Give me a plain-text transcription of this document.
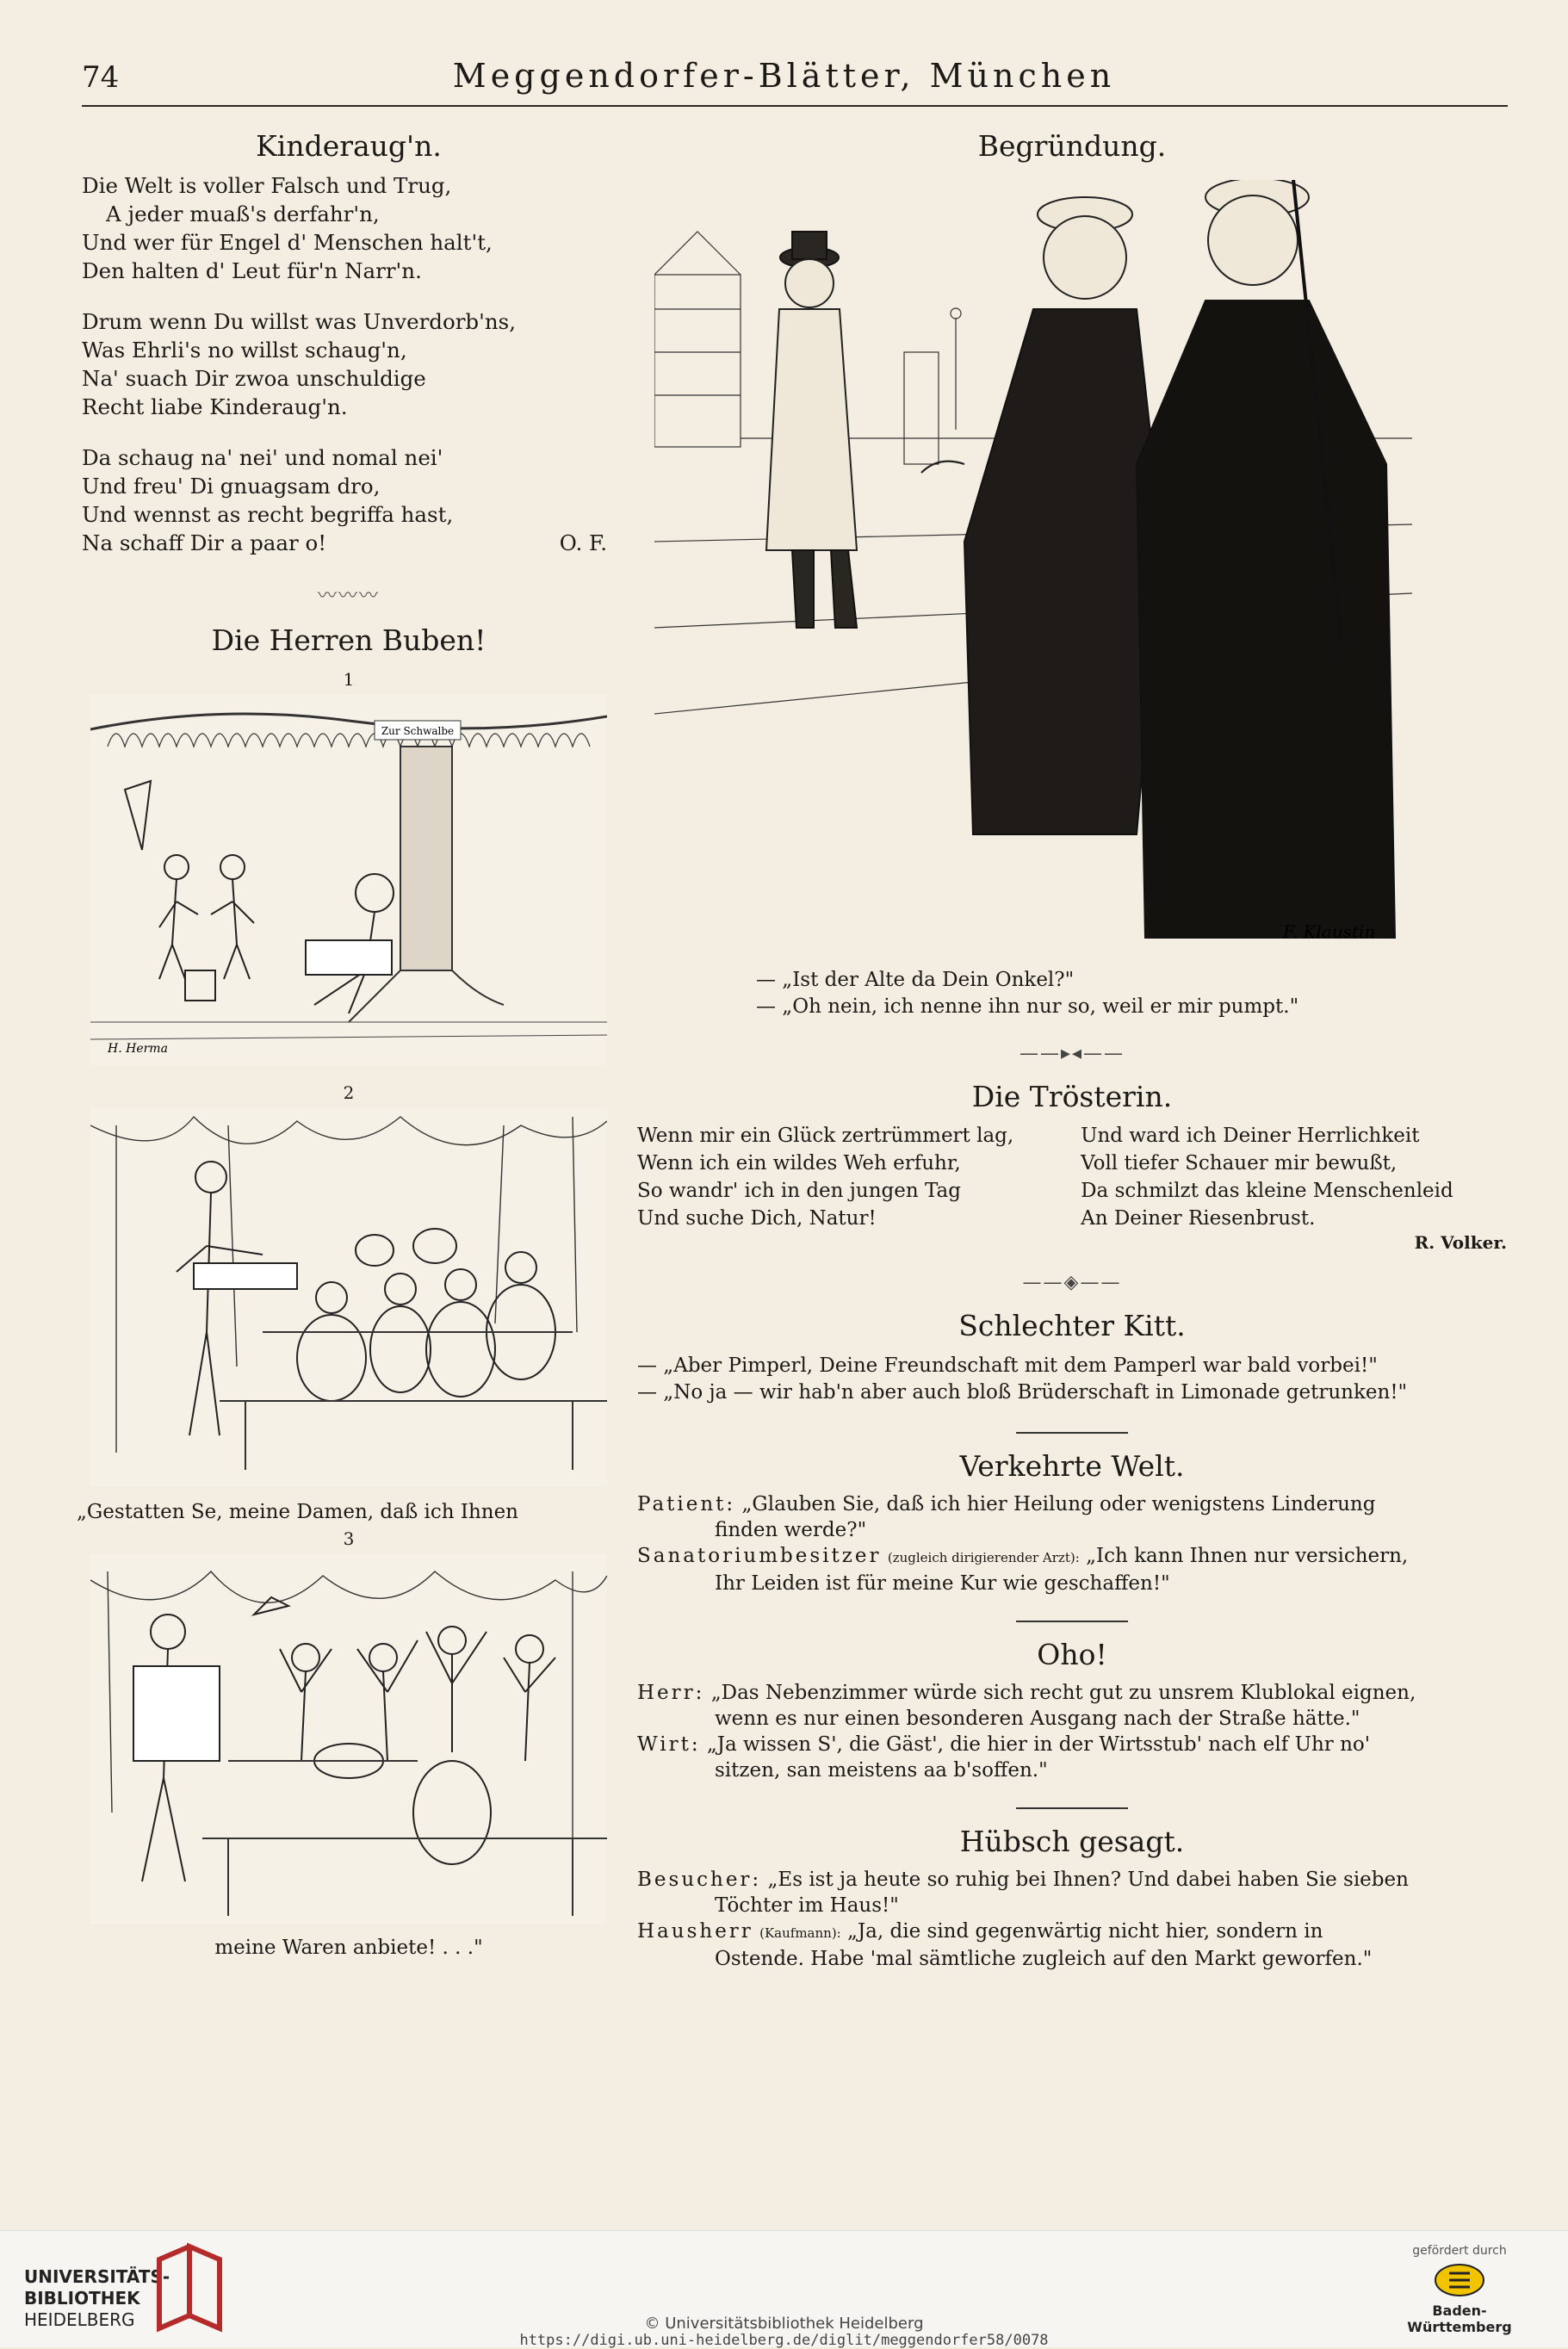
74	Meggendorfer-Blätter, München
Kinderaug'n.
Die Welt is voller Falsch und Trug,
A jeder muaß's derfahr'n,
Und wer für Engel d' Menschen halt't,
Den halten d' Leut für'n Narr'n.
Drum wenn Du willst was Unverdorb'ns,
Was Ehrli's no willst schaug'n,
Na' suach Dir zwoa unschuldige
Recht liabe Kinderaug'n.
Da schaug na' nei' und nomal nei'
Und freu' Di gnuagsam dro,
Und wennst as recht begriffa hast,
Na schaff Dir a paar o!	O. F.
〰〰〰
Die Herren Buben!
1
Zur Schwalbe
H. Herma
2
„Gestatten Se, meine Damen, daß ich Ihnen
3
meine Waren anbiete! . . ."
Begründung.
F. Klaustin
— „Ist der Alte da Dein Onkel?"
— „Oh nein, ich nenne ihn nur so, weil er mir pumpt."
——▸◂——
Die Trösterin.
Wenn mir ein Glück zertrümmert lag,
Wenn ich ein wildes Weh erfuhr,
So wandr' ich in den jungen Tag
Und suche Dich, Natur!
Und ward ich Deiner Herrlichkeit
Voll tiefer Schauer mir bewußt,
Da schmilzt das kleine Menschenleid
An Deiner Riesenbrust.
R. Volker.
——◈——
Schlechter Kitt.
— „Aber Pimperl, Deine Freundschaft mit dem Pamperl war bald vorbei!"
— „No ja — wir hab'n aber auch bloß Brüderschaft in Limonade getrunken!"
Verkehrte Welt.
Patient: „Glauben Sie, daß ich hier Heilung oder wenigstens Linderung
finden werde?"
Sanatoriumbesitzer (zugleich dirigierender Arzt): „Ich kann Ihnen nur versichern,
Ihr Leiden ist für meine Kur wie geschaffen!"
Oho!
Herr: „Das Nebenzimmer würde sich recht gut zu unsrem Klublokal eignen,
wenn es nur einen besonderen Ausgang nach der Straße hätte."
Wirt: „Ja wissen S', die Gäst', die hier in der Wirtsstub' nach elf Uhr no'
sitzen, san meistens aa b'soffen."
Hübsch gesagt.
Besucher: „Es ist ja heute so ruhig bei Ihnen? Und dabei haben Sie sieben
Töchter im Haus!"
Hausherr (Kaufmann): „Ja, die sind gegenwärtig nicht hier, sondern in
Ostende. Habe 'mal sämtliche zugleich auf den Markt geworfen."
UNIVERSITÄTS-
BIBLIOTHEK
HEIDELBERG	© Universitätsbibliothek Heidelberg
https://digi.ub.uni-heidelberg.de/diglit/meggendorfer58/0078
gefördert durch
Baden-Württemberg
